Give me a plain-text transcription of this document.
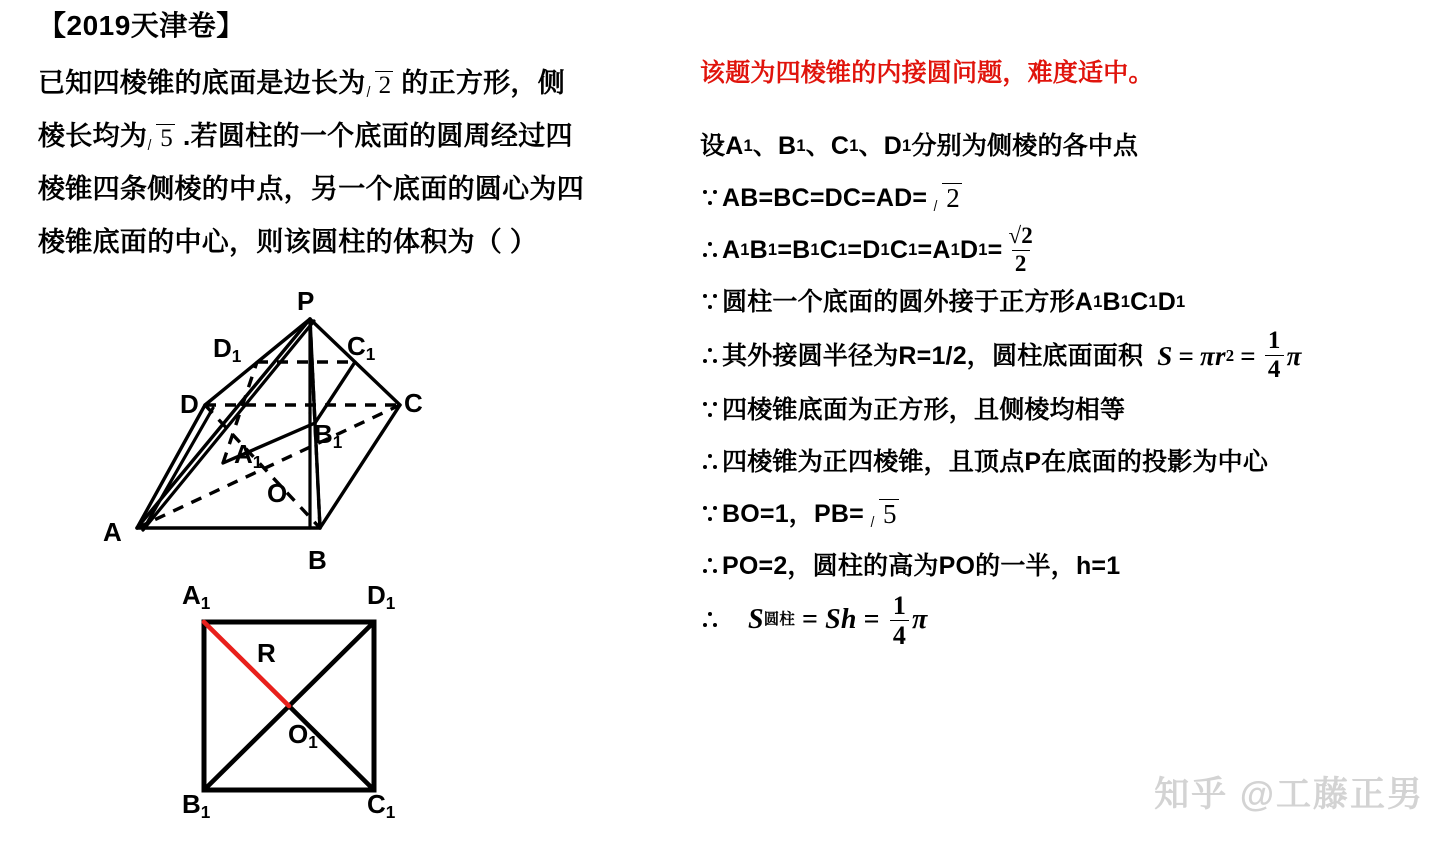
【2019天津卷】
已知四棱锥的底面是边长为 2 的正方形，侧
棱长均为 5 .若圆柱的一个底面的圆周经过四
棱锥四条侧棱的中点，另一个底面的圆心为四
棱锥底面的中心，则该圆柱的体积为（ ）
P
D1	C1
D	C
B1
A1
O
A
B
A1	D1
R
O1
B1	C1
该题为四棱锥的内接圆问题，难度适中。
设A 1 、B 1 、C 1 、D 1 分别为侧棱的各中点
AB=BC=DC=AD= 2
A 1 B 1 =B 1 C 1 =D 1 C 1 =A 1 D $1 = \frac{√2}{2}$
圆柱一个底面的圆外接于正方形A 1 B 1 C 1 D 1
其外接圆半径为R=1/2，圆柱底面面积 S = π r $2 = \frac{1}{4}$ π
四棱锥底面为正方形，且侧棱均相等
四棱锥为正四棱锥，且顶点P在底面的投影为中心
BO=1，PB= 5
PO=2，圆柱的高为PO的一半，h=1
S 圆柱 = $Sh = \frac{1}{4}$ π
知乎 @工藤正男
